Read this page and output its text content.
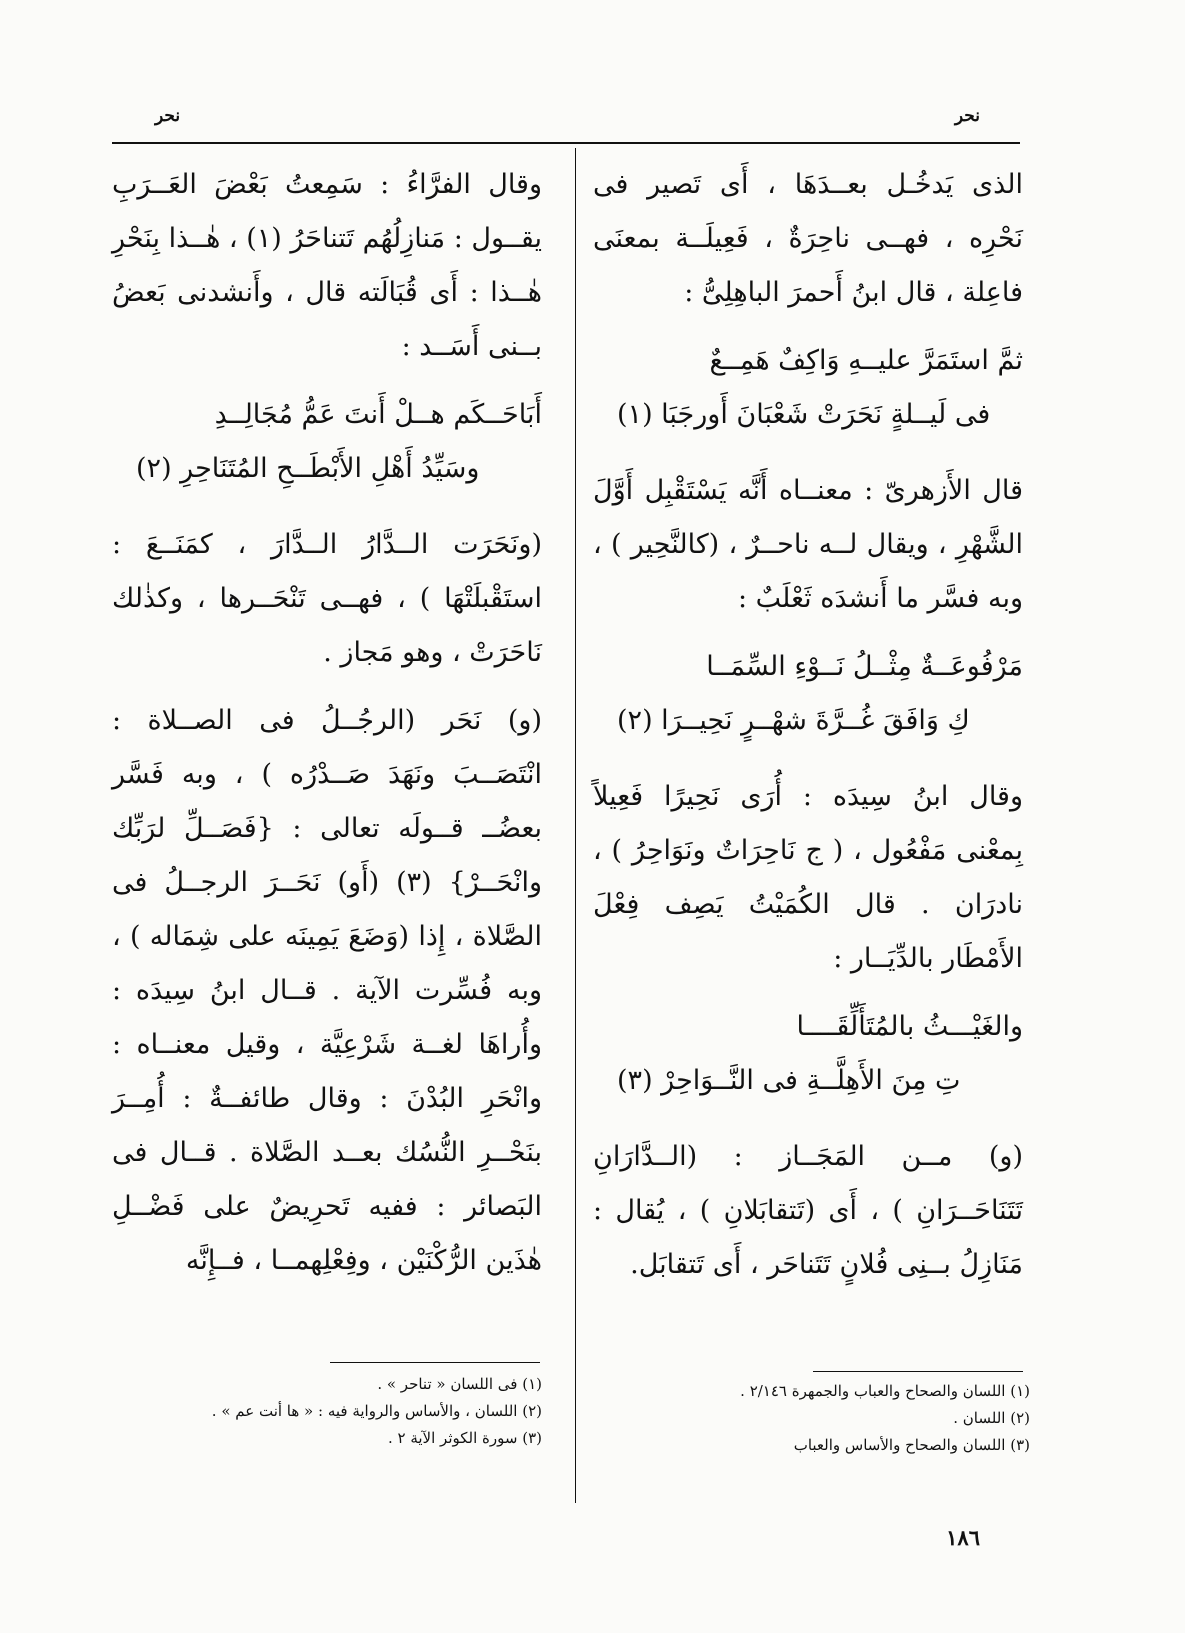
نحر
نحر

الذى يَدخُـل بعــدَهَا ، أَى تَصير فى نَحْرِه ، فهــى ناحِرَةٌ ، فَعِيلَــة بمعنَى فاعِلة ، قال ابنُ أَحمرَ الباهِلِىُّ :

ثمَّ استَمَرَّ عليــهِ وَاكِفٌ هَمِــعٌ
فى لَيــلةٍ نَحَرَتْ شَعْبَانَ أَورجَبَا (١)

قال الأَزهرىّ : معنــاه أَنَّه يَسْتَقْبِل أَوَّلَ الشَّهْرِ ، ويقال لــه ناحــرٌ ، (كالنَّحِير ) ، وبه فسَّر ما أَنشدَه ثَعْلَبٌ :

مَرْفُوعَــةٌ مِثْــلُ نَــوْءِ السِّمَــا
كِ وَافَقَ غُــرَّةَ شهْــرٍ نَحِيــرَا (٢)

وقال ابنُ سِيدَه : أُرَى نَحِيرًا فَعِيلاً بِمعْنى مَفْعُول ، ( ج نَاحِرَاتٌ ونَوَاحِرُ ) ، نادرَان . قال الكُمَيْتُ يَصِف فِعْلَ الأَمْطَار بالدِّيَــار :

والغَيْـــثُ بالمُتَأَلِّقَــــا
تِ مِنَ الأَهِلَّــةِ فى النَّــوَاحِرْ (٣)

(و) مــن المَجَــاز : (الــدَّارَانِ تَتَنَاحَــرَانِ ) ، أَى (تَتقابَلانِ ) ، يُقال : مَنَازِلُ بــنِى فُلانٍ تَتَناحَر ، أَى تَتقابَل.

وقال الفرَّاءُ : سَمِعتُ بَعْضَ العَــرَبِ يقــول : مَنازِلُهُم تَتناحَرُ (١) ، هٰــذا بِنَحْرِ هٰــذا : أَى قُبَالَته قال ، وأَنشدنى بَعضُ بــنى أَسَــد :

أَبَاحَــكَم هــلْ أَنتَ عَمُّ مُجَالِــدِ
وسَيِّدُ أَهْلِ الأَبْطَــحِ المُتَنَاحِرِ (٢)

(ونَحَرَت الــدَّارُ الــدَّارَ ، كمَنَــعَ : استَقْبلَتْهَا ) ، فهــى تَنْحَــرها ، وكذٰلك نَاحَرَتْ ، وهو مَجاز .

(و) نَحَر (الرجُــلُ فى الصــلاة : انْتَصَــبَ ونَهَدَ صَــدْرُه ) ، وبه فَسَّر بعضُــ قــولَه تعالى : {فَصَــلِّ لرَبِّك وانْحَــرْ} (٣) (أَو) نَحَــرَ الرجــلُ فى الصَّلاة ، إِذا (وَضَعَ يَمِينَه على شِمَاله ) ، وبه فُسِّرت الآية . قــال ابنُ سِيدَه : وأُراهَا لغــة شَرْعِيَّة ، وقيل معنــاه : وانْحَرِ البُدْنَ : وقال طائفــةٌ : أُمِــرَ بنَحْــرِ النُّسُك بعــد الصَّلاة . قــال فى البَصائر : ففيه تَحرِيضٌ على فَضْــلِ هٰذَين الرُّكْنَيْن ، وفِعْلِهمــا ، فــإِنَّه

(١) اللسان والصحاح والعباب والجمهرة ٢/١٤٦ .
(٢) اللسان .
(٣) اللسان والصحاح والأساس والعباب
(١) فى اللسان « تناحر » .
(٢) اللسان ، والأساس والرواية فيه : « ها أنت عم » .
(٣) سورة الكوثر الآية ٢ .
١٨٦
